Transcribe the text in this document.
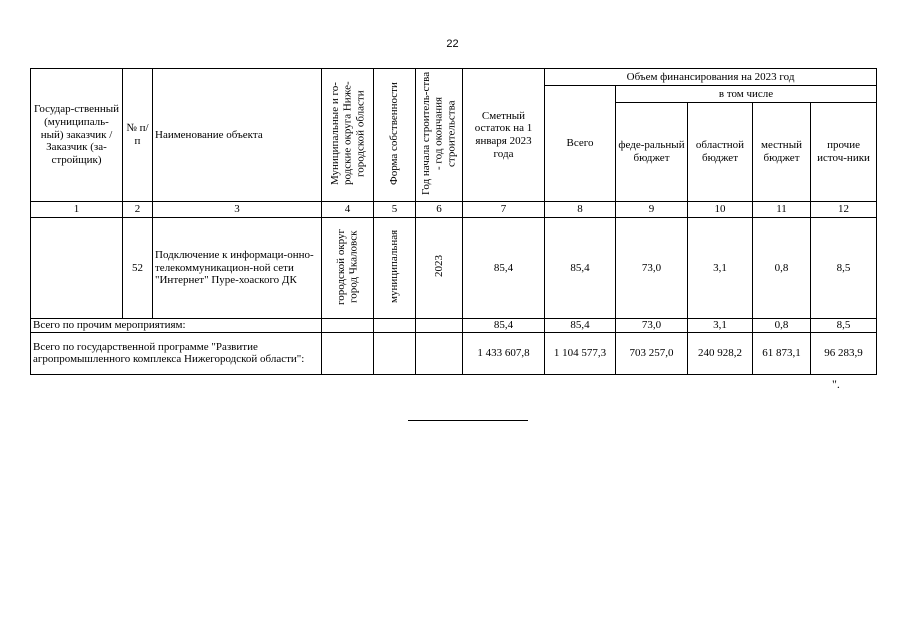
22
Государ-ственный (муниципаль-ный) заказчик /Заказчик (за-стройщик)	№ п/п	Наименование объекта	Муниципальные и го-родские округа Ниже-городской области	Форма собственности	Год начала строитель-ства - год окончания строительства	Сметный остаток на 1 января 2023 года	Объем финансирования на 2023 год				
							Всего	в том числе			
								феде-ральный бюджет	областной бюджет	местный бюджет	прочие источ-ники
1	2	3	4	5	6	7	8	9	10	11	12
	52	Подключение к информаци-онно- телекоммуникацион-ной сети "Интернет" Пуре-хоаского ДК	городской округ город Чкаловск	муниципальная	2023	85,4	85,4	73,0	3,1	0,8	8,5
Всего по прочим мероприятиям:						85,4	85,4	73,0	3,1	0,8	8,5
Всего по государственной программе "Развитие агропромышленного комплекса Нижегородской области":						1 433 607,8	1 104 577,3	703 257,0	240 928,2	61 873,1	96 283,9
".
